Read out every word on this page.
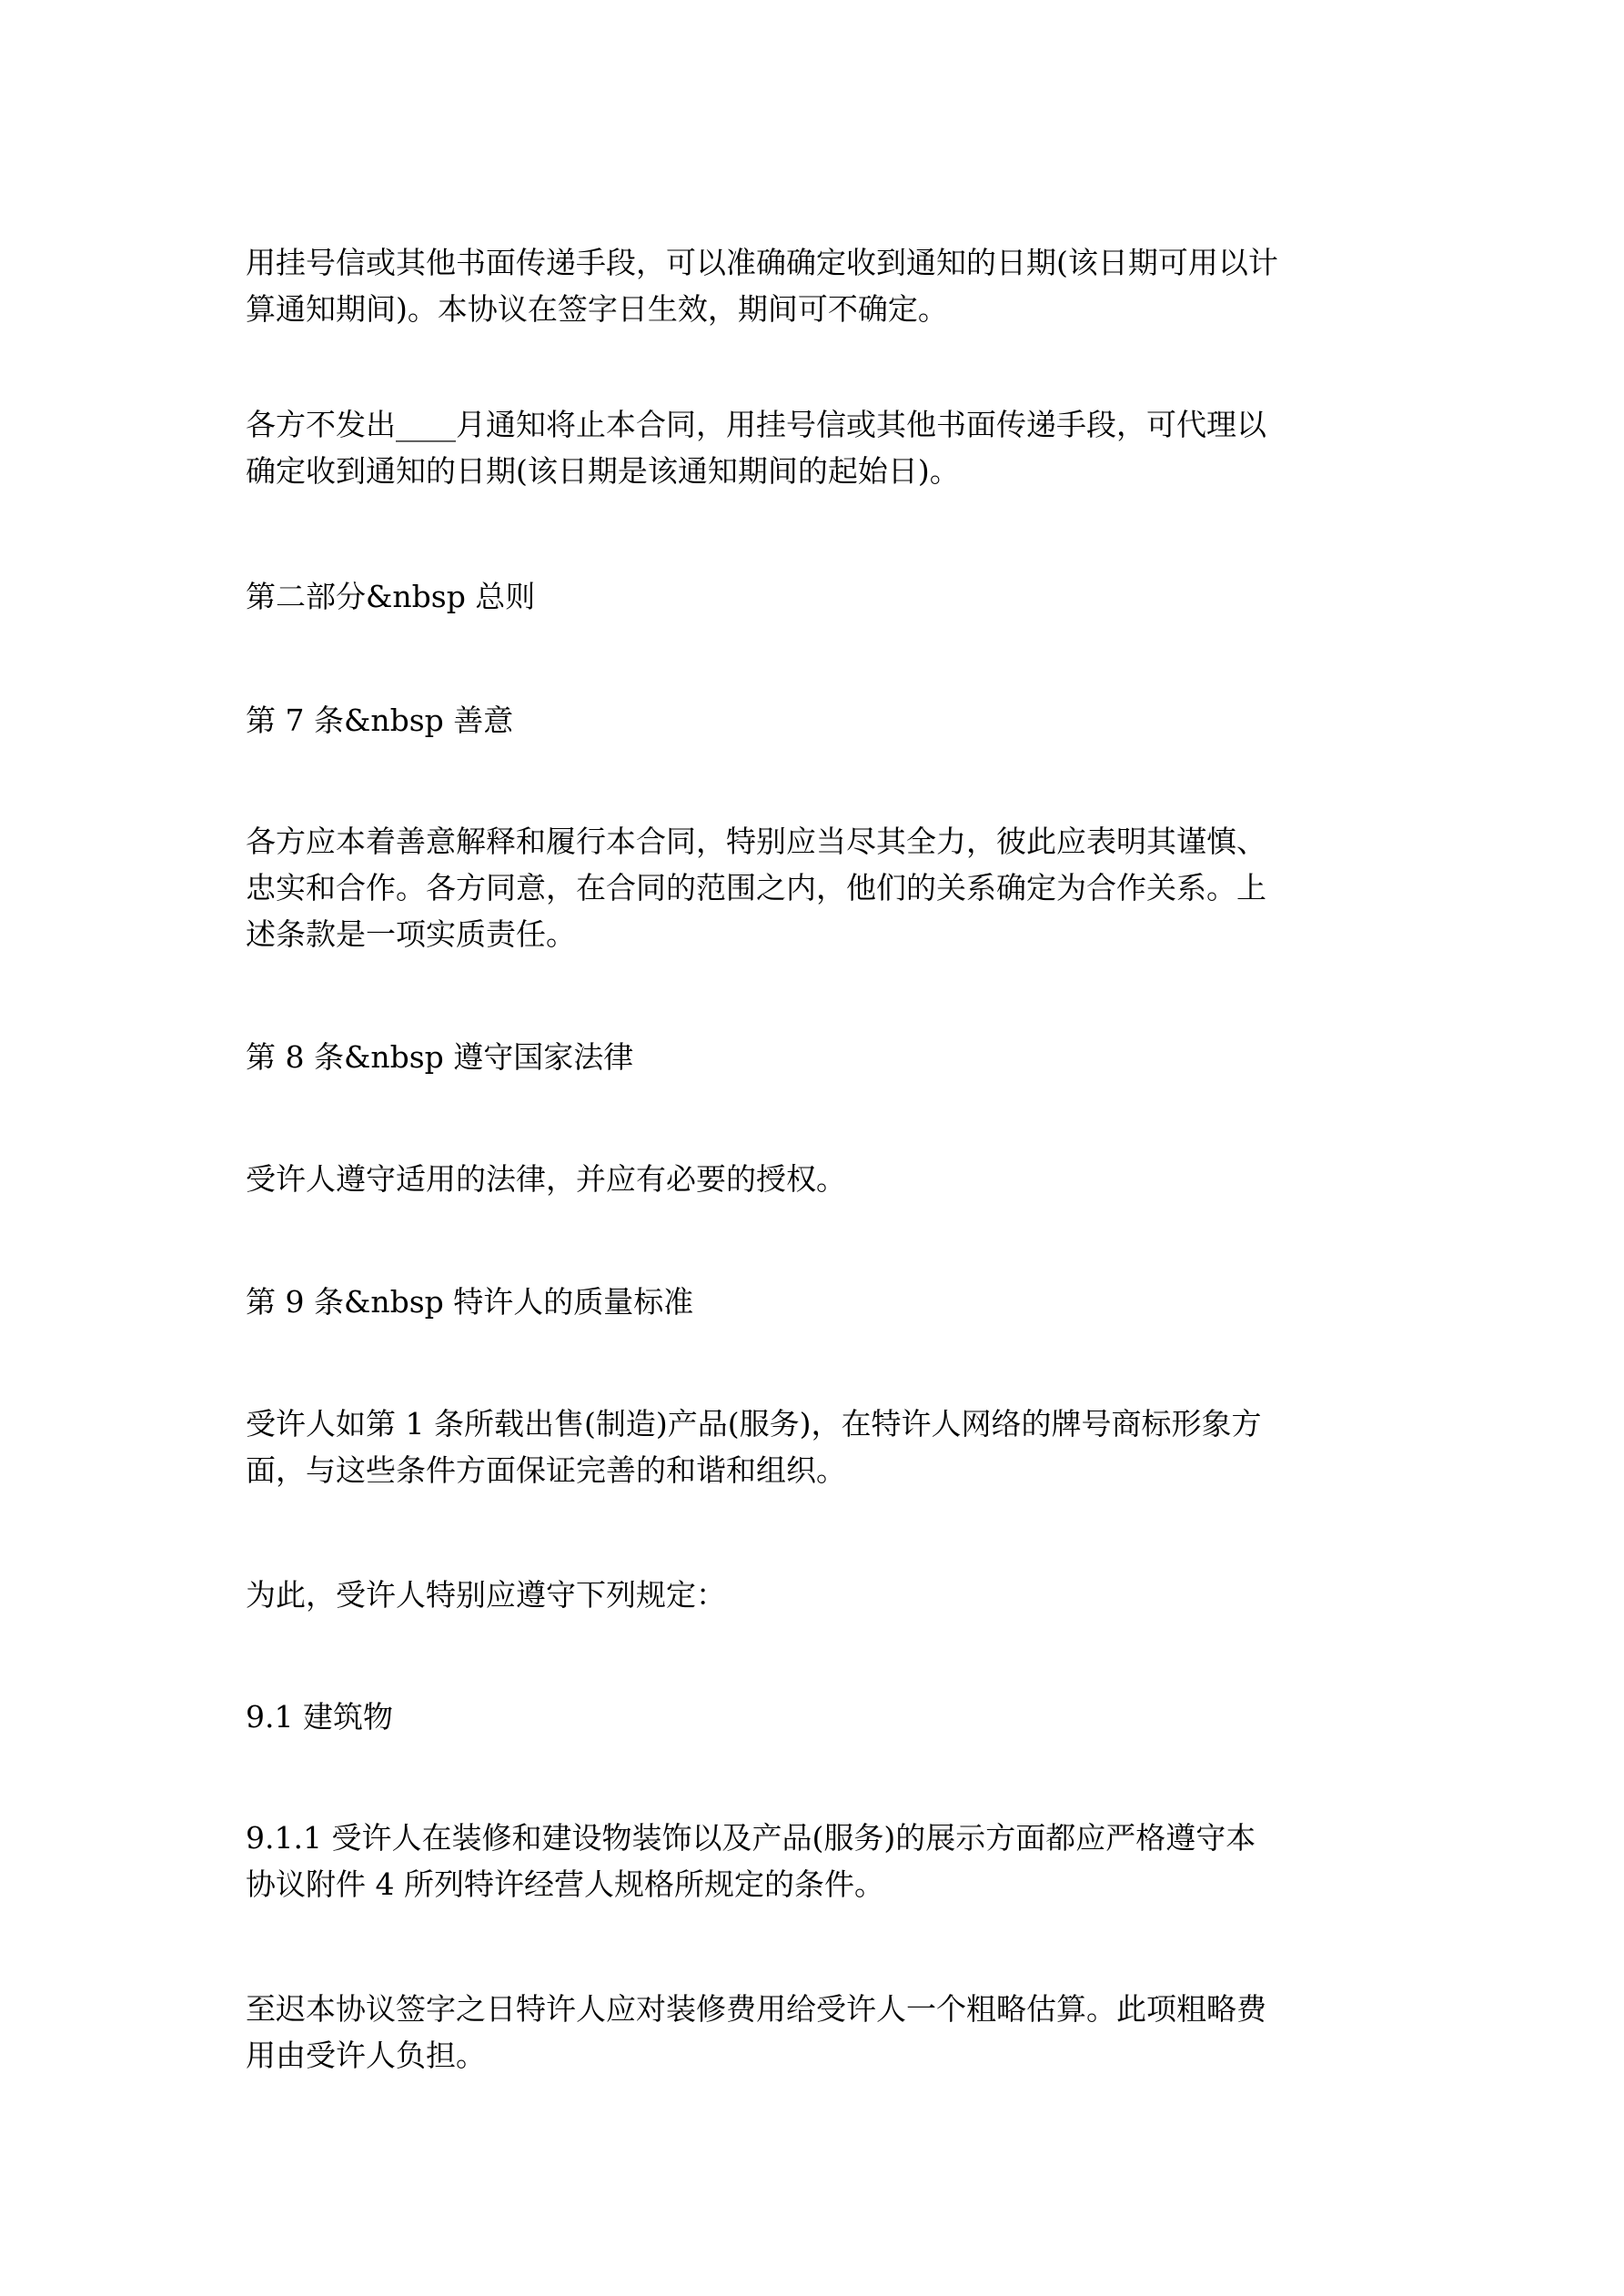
用挂号信或其他书面传递手段，可以准确确定收到通知的日期(该日期可用以计
算通知期间)。本协议在签字日生效，期间可不确定。

各方不发出____月通知将止本合同，用挂号信或其他书面传递手段，可代理以
确定收到通知的日期(该日期是该通知期间的起始日)。

第二部分&nbsp 总则

第 7 条&nbsp 善意

各方应本着善意解释和履行本合同，特别应当尽其全力，彼此应表明其谨慎、
忠实和合作。各方同意，在合同的范围之内，他们的关系确定为合作关系。上
述条款是一项实质责任。

第 8 条&nbsp 遵守国家法律

受许人遵守适用的法律，并应有必要的授权。

第 9 条&nbsp 特许人的质量标准

受许人如第 1 条所载出售(制造)产品(服务)，在特许人网络的牌号商标形象方
面，与这些条件方面保证完善的和谐和组织。

为此，受许人特别应遵守下列规定：

9.1 建筑物

9.1.1 受许人在装修和建设物装饰以及产品(服务)的展示方面都应严格遵守本
协议附件 4 所列特许经营人规格所规定的条件。

至迟本协议签字之日特许人应对装修费用给受许人一个粗略估算。此项粗略费
用由受许人负担。
